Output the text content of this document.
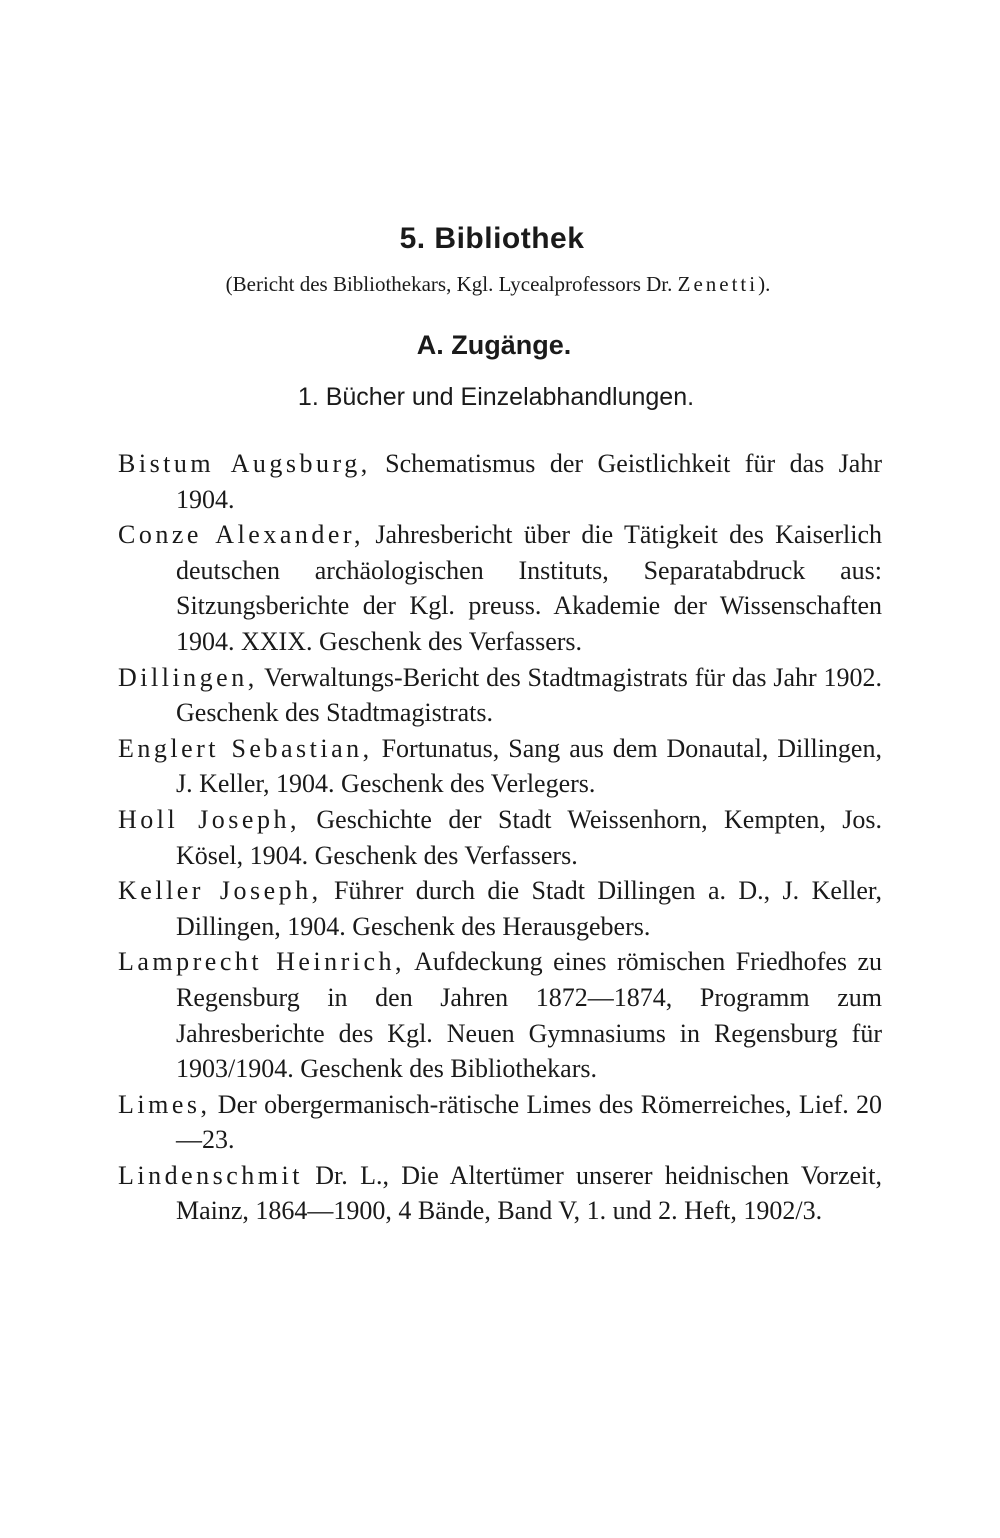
5. Bibliothek
(Bericht des Bibliothekars, Kgl. Lycealprofessors Dr. Zenetti).
A. Zugänge.
1. Bücher und Einzelabhandlungen.

Bistum Augsburg, Schematismus der Geistlichkeit für das Jahr 1904.

Conze Alexander, Jahresbericht über die Tätigkeit des Kaiserlich deutschen archäologischen Instituts, Separatabdruck aus: Sitzungsberichte der Kgl. preuss. Akademie der Wissenschaften 1904. XXIX. Geschenk des Verfassers.

Dillingen, Verwaltungs-Bericht des Stadtmagistrats für das Jahr 1902. Geschenk des Stadtmagistrats.

Englert Sebastian, Fortunatus, Sang aus dem Donautal, Dillingen, J. Keller, 1904. Geschenk des Verlegers.

Holl Joseph, Geschichte der Stadt Weissenhorn, Kempten, Jos. Kösel, 1904. Geschenk des Verfassers.

Keller Joseph, Führer durch die Stadt Dillingen a. D., J. Keller, Dillingen, 1904. Geschenk des Herausgebers.

Lamprecht Heinrich, Aufdeckung eines römischen Friedhofes zu Regensburg in den Jahren 1872—1874, Programm zum Jahresberichte des Kgl. Neuen Gymnasiums in Regensburg für 1903/1904. Geschenk des Bibliothekars.

Limes, Der obergermanisch-rätische Limes des Römerreiches, Lief. 20—23.

Lindenschmit Dr. L., Die Altertümer unserer heidnischen Vorzeit, Mainz, 1864—1900, 4 Bände, Band V, 1. und 2. Heft, 1902/3.
